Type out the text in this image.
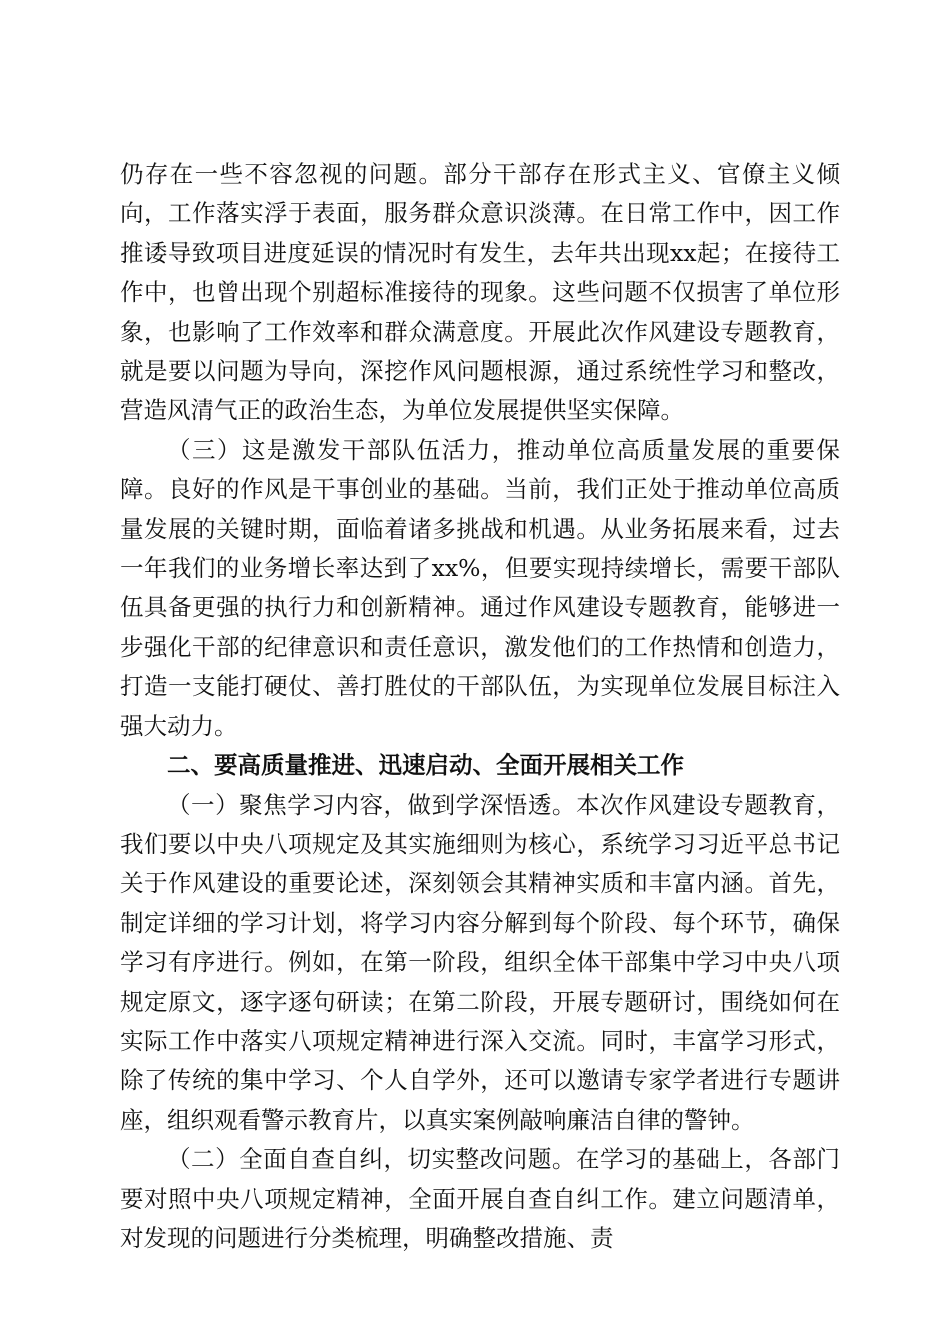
仍存在一些不容忽视的问题。部分干部存在形式主义、官僚主义倾向，工作落实浮于表面，服务群众意识淡薄。在日常工作中，因工作推诿导致项目进度延误的情况时有发生，去年共出现xx起；在接待工作中，也曾出现个别超标准接待的现象。这些问题不仅损害了单位形象，也影响了工作效率和群众满意度。开展此次作风建设专题教育，就是要以问题为导向，深挖作风问题根源，通过系统性学习和整改，营造风清气正的政治生态，为单位发展提供坚实保障。

（三）这是激发干部队伍活力，推动单位高质量发展的重要保障。良好的作风是干事创业的基础。当前，我们正处于推动单位高质量发展的关键时期，面临着诸多挑战和机遇。从业务拓展来看，过去一年我们的业务增长率达到了xx%，但要实现持续增长，需要干部队伍具备更强的执行力和创新精神。通过作风建设专题教育，能够进一步强化干部的纪律意识和责任意识，激发他们的工作热情和创造力，打造一支能打硬仗、善打胜仗的干部队伍，为实现单位发展目标注入强大动力。

二、要高质量推进、迅速启动、全面开展相关工作

（一）聚焦学习内容，做到学深悟透。本次作风建设专题教育，我们要以中央八项规定及其实施细则为核心，系统学习习近平总书记关于作风建设的重要论述，深刻领会其精神实质和丰富内涵。首先，制定详细的学习计划，将学习内容分解到每个阶段、每个环节，确保学习有序进行。例如，在第一阶段，组织全体干部集中学习中央八项规定原文，逐字逐句研读；在第二阶段，开展专题研讨，围绕如何在实际工作中落实八项规定精神进行深入交流。同时，丰富学习形式，除了传统的集中学习、个人自学外，还可以邀请专家学者进行专题讲座，组织观看警示教育片，以真实案例敲响廉洁自律的警钟。

（二）全面自查自纠，切实整改问题。在学习的基础上，各部门要对照中央八项规定精神，全面开展自查自纠工作。建立问题清单，对发现的问题进行分类梳理，明确整改措施、责
